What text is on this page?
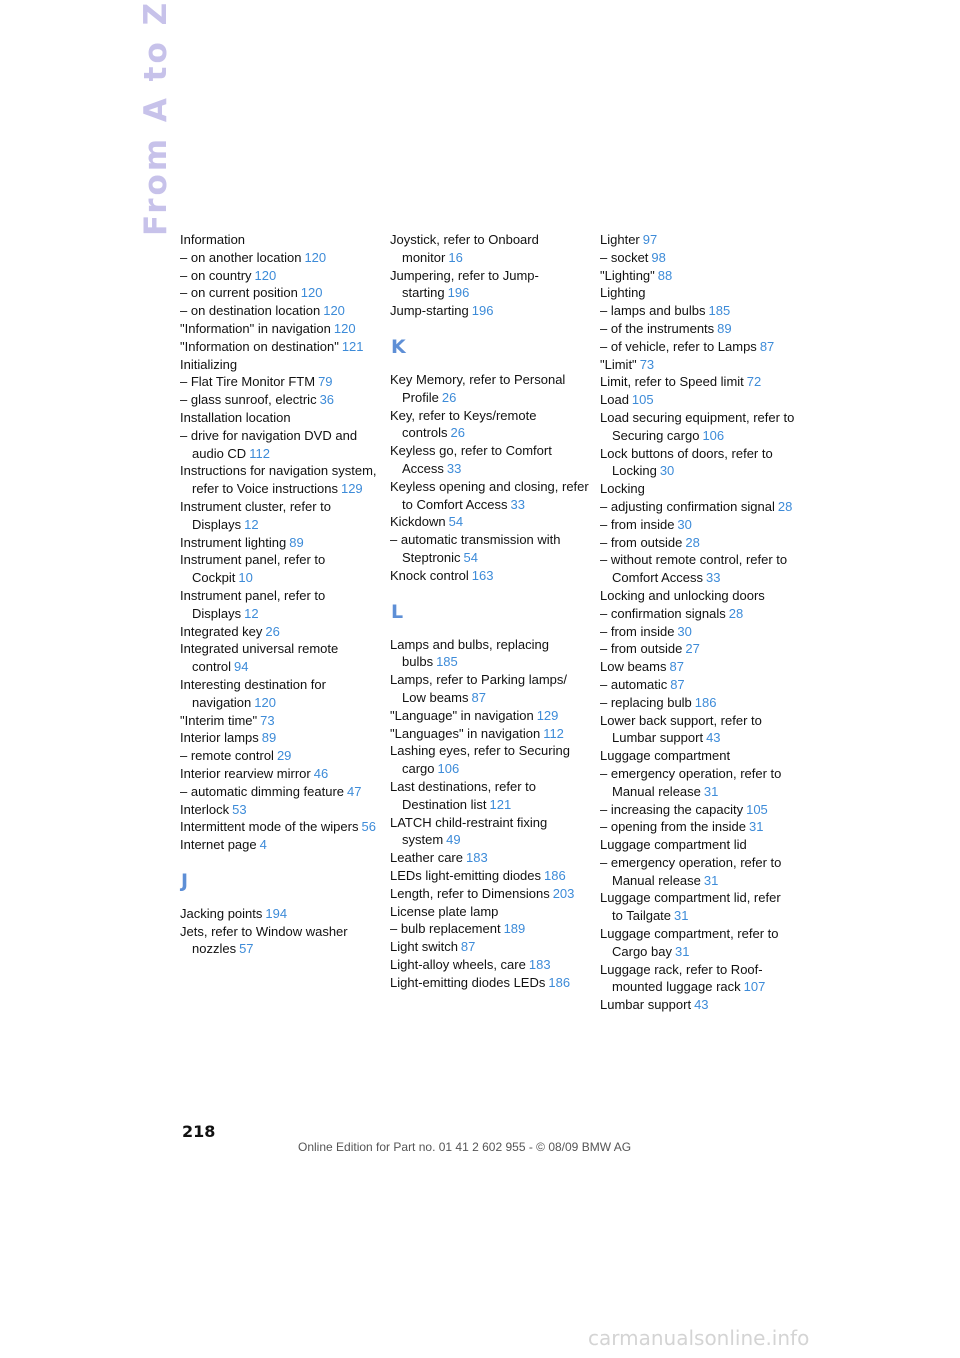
From A to Z
Information
– on another location 120
– on country 120
– on current position 120
– on destination location 120
"Information" in navigation 120
"Information on destination" 121
Initializing
– Flat Tire Monitor FTM 79
– glass sunroof, electric 36
Installation location
– drive for navigation DVD and audio CD 112
Instructions for navigation system, refer to Voice instructions 129
Instrument cluster, refer to Displays 12
Instrument lighting 89
Instrument panel, refer to Cockpit 10
Instrument panel, refer to Displays 12
Integrated key 26
Integrated universal remote control 94
Interesting destination for navigation 120
"Interim time" 73
Interior lamps 89
– remote control 29
Interior rearview mirror 46
– automatic dimming feature 47
Interlock 53
Intermittent mode of the wipers 56
Internet page 4
J
Jacking points 194
Jets, refer to Window washer nozzles 57
Joystick, refer to Onboard monitor 16
Jumpering, refer to Jump-starting 196
Jump-starting 196
K
Key Memory, refer to Personal Profile 26
Key, refer to Keys/remote controls 26
Keyless go, refer to Comfort Access 33
Keyless opening and closing, refer to Comfort Access 33
Kickdown 54
– automatic transmission with Steptronic 54
Knock control 163
L
Lamps and bulbs, replacing bulbs 185
Lamps, refer to Parking lamps/ Low beams 87
"Language" in navigation 129
"Languages" in navigation 112
Lashing eyes, refer to Securing cargo 106
Last destinations, refer to Destination list 121
LATCH child-restraint fixing system 49
Leather care 183
LEDs light-emitting diodes 186
Length, refer to Dimensions 203
License plate lamp
– bulb replacement 189
Light switch 87
Light-alloy wheels, care 183
Light-emitting diodes LEDs 186
Lighter 97
– socket 98
"Lighting" 88
Lighting
– lamps and bulbs 185
– of the instruments 89
– of vehicle, refer to Lamps 87
"Limit" 73
Limit, refer to Speed limit 72
Load 105
Load securing equipment, refer to Securing cargo 106
Lock buttons of doors, refer to Locking 30
Locking
– adjusting confirmation signal 28
– from inside 30
– from outside 28
– without remote control, refer to Comfort Access 33
Locking and unlocking doors
– confirmation signals 28
– from inside 30
– from outside 27
Low beams 87
– automatic 87
– replacing bulb 186
Lower back support, refer to Lumbar support 43
Luggage compartment
– emergency operation, refer to Manual release 31
– increasing the capacity 105
– opening from the inside 31
Luggage compartment lid
– emergency operation, refer to Manual release 31
Luggage compartment lid, refer to Tailgate 31
Luggage compartment, refer to Cargo bay 31
Luggage rack, refer to Roof-mounted luggage rack 107
Lumbar support 43
218
Online Edition for Part no. 01 41 2 602 955 - © 08/09 BMW AG
carmanualsonline.info
